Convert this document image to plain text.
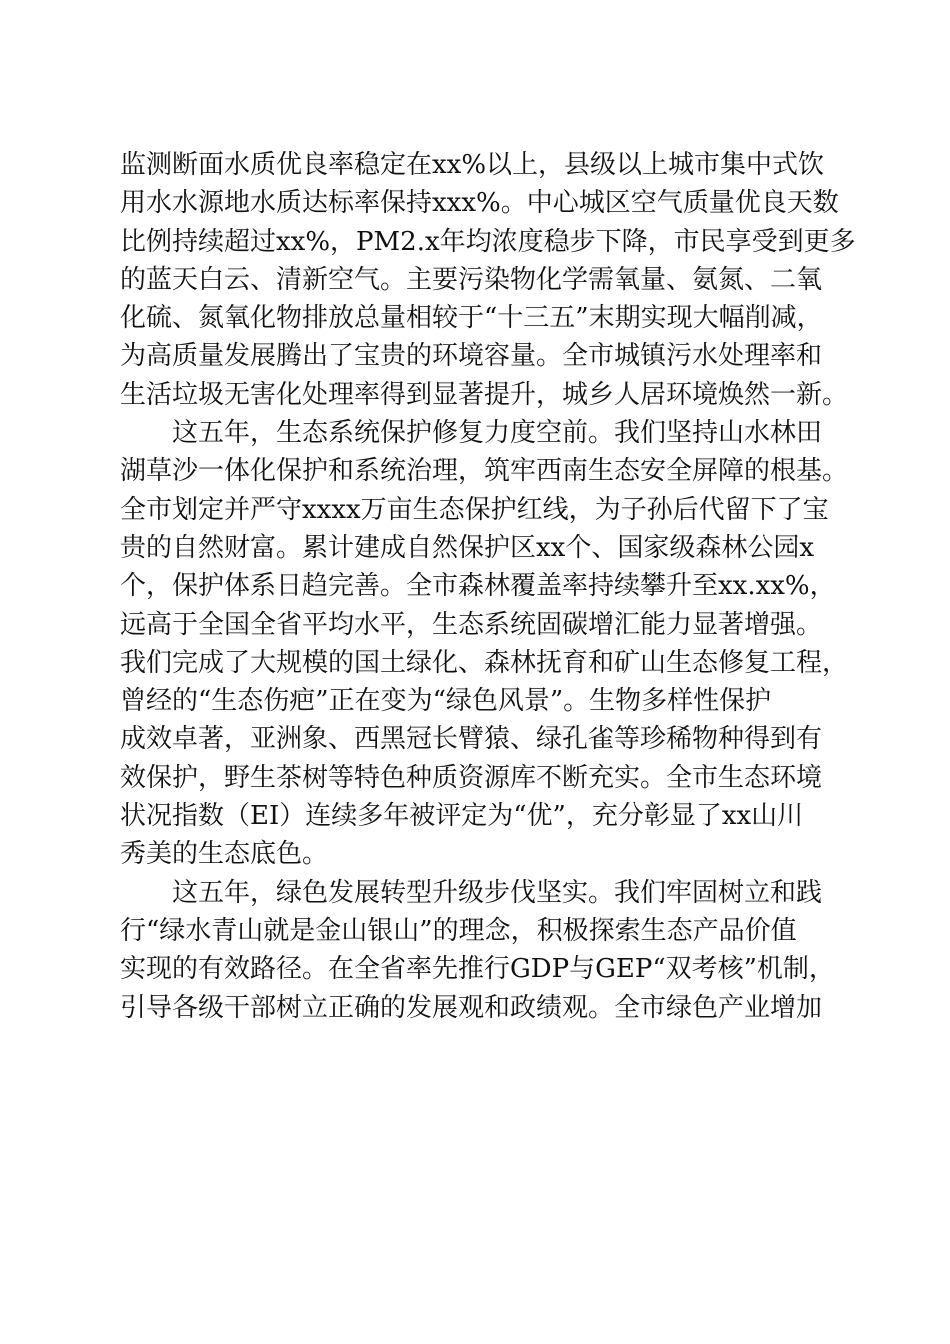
监测断面水质优良率稳定在xx%以上，县级以上城市集中式饮
用水水源地水质达标率保持xxx%。中心城区空气质量优良天数
比例持续超过xx%，PM2.x年均浓度稳步下降，市民享受到更多
的蓝天白云、清新空气。主要污染物化学需氧量、氨氮、二氧
化硫、氮氧化物排放总量相较于“十三五”末期实现大幅削减，
为高质量发展腾出了宝贵的环境容量。全市城镇污水处理率和
生活垃圾无害化处理率得到显著提升，城乡人居环境焕然一新。
　　这五年，生态系统保护修复力度空前。我们坚持山水林田
湖草沙一体化保护和系统治理，筑牢西南生态安全屏障的根基。
全市划定并严守xxxx万亩生态保护红线，为子孙后代留下了宝
贵的自然财富。累计建成自然保护区xx个、国家级森林公园x
个，保护体系日趋完善。全市森林覆盖率持续攀升至xx.xx%，
远高于全国全省平均水平，生态系统固碳增汇能力显著增强。
我们完成了大规模的国土绿化、森林抚育和矿山生态修复工程，
曾经的“生态伤疤”正在变为“绿色风景”。生物多样性保护
成效卓著，亚洲象、西黑冠长臂猿、绿孔雀等珍稀物种得到有
效保护，野生茶树等特色种质资源库不断充实。全市生态环境
状况指数（EI）连续多年被评定为“优”，充分彰显了xx山川
秀美的生态底色。
　　这五年，绿色发展转型升级步伐坚实。我们牢固树立和践
行“绿水青山就是金山银山”的理念，积极探索生态产品价值
实现的有效路径。在全省率先推行GDP与GEP“双考核”机制，
引导各级干部树立正确的发展观和政绩观。全市绿色产业增加
